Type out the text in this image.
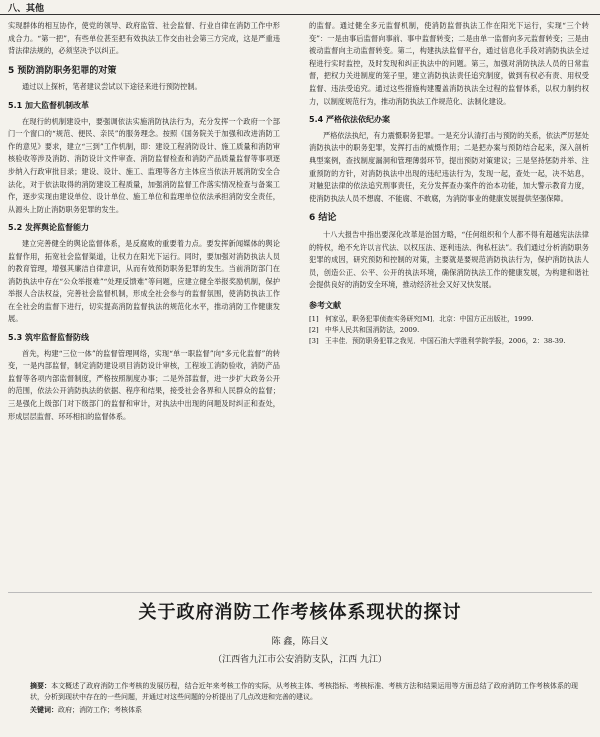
八、其他

实现群体的相互协作，使党的领导、政府监管、社会监督、行业自律在消防工作中形成合力。“第一把”，有些单位甚至把有效执法工作交由社会第三方完成，这是严重违背法律法规的，必须坚决予以纠正。

5 预防消防职务犯罪的对策

通过以上探析，笔者建议尝试以下途径来进行预防控制。

5.1 加大监督机制改革

在现行的机制建设中，要强调依法实施消防执法行为，充分发挥一个政府一个部门一个窗口的“规范、便民、亲民”的服务理念。按照《国务院关于加强和改进消防工作的意见》要求，建立“三到”工作机制，即：建设工程消防设计、施工质量和消防审核验收等涉及消防、消防设计文件审查、消防监督检查和消防产品质量监督等事项逐步纳入行政审批目录；建设、设计、施工、监理等各方主体应当依法开展消防安全合法化，对于依法取得的消防建设工程质量，加强消防监督工作落实情况检查与备案工作，逐步实现由建设单位、设计单位、施工单位和监理单位依法承担消防安全责任，从源头上防止消防职务犯罪的发生。

5.2 发挥舆论监督能力

建立完善健全的舆论监督体系，是反腐败的重要着力点。要发挥新闻媒体的舆论监督作用，拓宽社会监督渠道，让权力在阳光下运行。同时，要加强对消防执法人员的教育管理，增强其廉洁自律意识，从而有效预防职务犯罪的发生。当前消防部门在消防执法中存在“公众举报难”“处理反馈难”等问题，应建立健全举报奖励机制，保护举报人合法权益，完善社会监督机制，形成全社会参与的监督氛围，使消防执法工作在全社会的监督下进行，切实提高消防监督执法的规范化水平，推动消防工作健康发展。

5.3 筑牢监督监督防线

首先，构建“三位一体”的监督管理网络，实现“单一职监督”向“多元化监督”的转变，一是内部监督，制定消防建设项目消防设计审核，工程竣工消防验收，消防产品监督等各项内部监督制度，严格按照制度办事；二是外部监督，进一步扩大政务公开的范围，依法公开消防执法的依据、程序和结果，接受社会各界和人民群众的监督；三是强化上级部门对下级部门的监督和审计，对执法中出现的问题及时纠正和查处，形成层层监督、环环相扣的监督体系。

的监督。通过健全多元监督机制，使消防监督执法工作在阳光下运行，实现“三个转变”：一是由事后监督向事前、事中监督转变；二是由单一监督向多元监督转变；三是由被动监督向主动监督转变。第二，构建执法监督平台，通过信息化手段对消防执法全过程进行实时监控，及时发现和纠正执法中的问题。第三，加强对消防执法人员的日常监督，把权力关进制度的笼子里，建立消防执法责任追究制度，做到有权必有责、用权受监督、违法受追究。通过这些措施构建覆盖消防执法全过程的监督体系，以权力制约权力，以制度规范行为，推动消防执法工作规范化、法制化建设。

5.4 严格依法依纪办案

严格依法执纪，有力震慑职务犯罪。一是充分认清打击与预防的关系，依法严厉惩处消防执法中的职务犯罪，发挥打击的威慑作用；二是把办案与预防结合起来，深入剖析典型案例，查找制度漏洞和管理薄弱环节，提出预防对策建议；三是坚持惩防并举、注重预防的方针，对消防执法中出现的违纪违法行为，发现一起，查处一起，决不姑息，对触犯法律的依法追究刑事责任，充分发挥查办案件的治本功能，加大警示教育力度，使消防执法人员不想腐、不能腐、不敢腐，为消防事业的健康发展提供坚强保障。

6 结论

十八大报告中指出要深化改革是治国方略，“任何组织和个人都不得有超越宪法法律的特权，绝不允许以言代法、以权压法、逐利违法、徇私枉法”。我们通过分析消防职务犯罪的成因，研究预防和控制的对策，主要就是要规范消防执法行为，保护消防执法人员，创造公正、公平、公开的执法环境，确保消防执法工作的健康发展，为构建和谐社会提供良好的消防安全环境，推动经济社会又好又快发展。

参考文献
[1] 何家弘，职务犯罪侦查实务研究[M]．北京：中国方正出版社，1999.
[2] 中华人民共和国消防法，2009.
[3] 王丰佳．预防职务犯罪之我见．中国石油大学胜利学院学报，2006，2：38-39.
关于政府消防工作考核体系现状的探讨
陈 鑫，陈吕义
（江西省九江市公安消防支队，江西 九江）
摘要：本文概述了政府消防工作考核的发展历程，结合近年来考核工作的实际，从考核主体、考核指标、考核标准、考核方法和结果运用等方面总结了政府消防工作考核体系的现状，分析到现状中存在的一些问题，并通过对这些问题的分析提出了几点改进和完善的建议。
关键词：政府；消防工作；考核体系
